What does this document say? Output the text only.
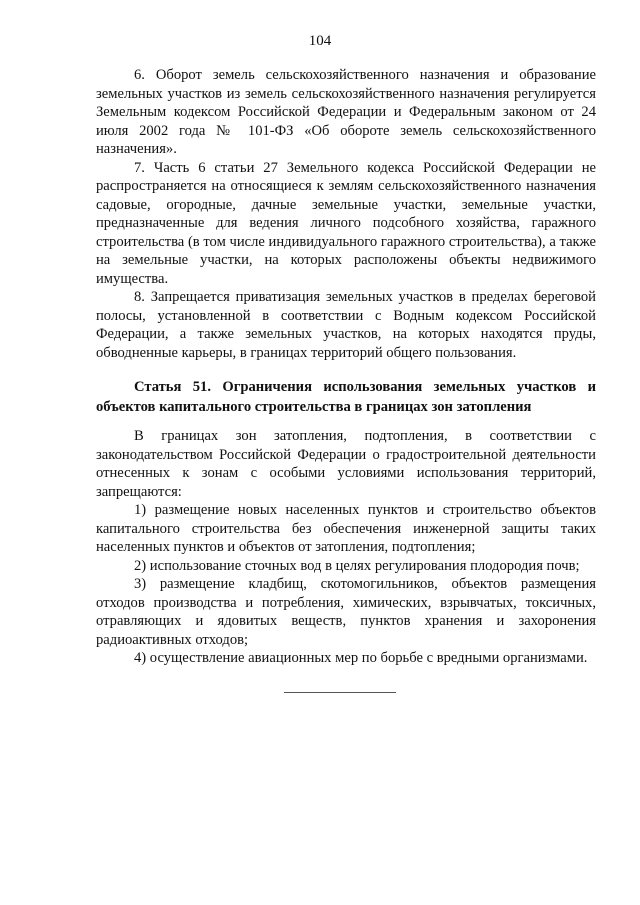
104

6. Оборот земель сельскохозяйственного назначения и образование земельных участков из земель сельскохозяйственного назначения регулируется Земельным кодексом Российской Федерации и Федеральным законом от 24 июля 2002 года № 101-ФЗ «Об обороте земель сельскохозяйственного назначения».

7. Часть 6 статьи 27 Земельного кодекса Российской Федерации не распространяется на относящиеся к землям сельскохозяйственного назначения садовые, огородные, дачные земельные участки, земельные участки, предназначенные для ведения личного подсобного хозяйства, гаражного строительства (в том числе индивидуального гаражного строительства), а также на земельные участки, на которых расположены объекты недвижимого имущества.

8. Запрещается приватизация земельных участков в пределах береговой полосы, установленной в соответствии с Водным кодексом Российской Федерации, а также земельных участков, на которых находятся пруды, обводненные карьеры, в границах территорий общего пользования.

Статья 51. Ограничения использования земельных участков и объектов капитального строительства в границах зон затопления

В границах зон затопления, подтопления, в соответствии с законодательством Российской Федерации о градостроительной деятельности отнесенных к зонам с особыми условиями использования территорий, запрещаются:

1) размещение новых населенных пунктов и строительство объектов капитального строительства без обеспечения инженерной защиты таких населенных пунктов и объектов от затопления, подтопления;

2) использование сточных вод в целях регулирования плодородия почв;

3) размещение кладбищ, скотомогильников, объектов размещения отходов производства и потребления, химических, взрывчатых, токсичных, отравляющих и ядовитых веществ, пунктов хранения и захоронения радиоактивных отходов;

4) осуществление авиационных мер по борьбе с вредными организмами.
